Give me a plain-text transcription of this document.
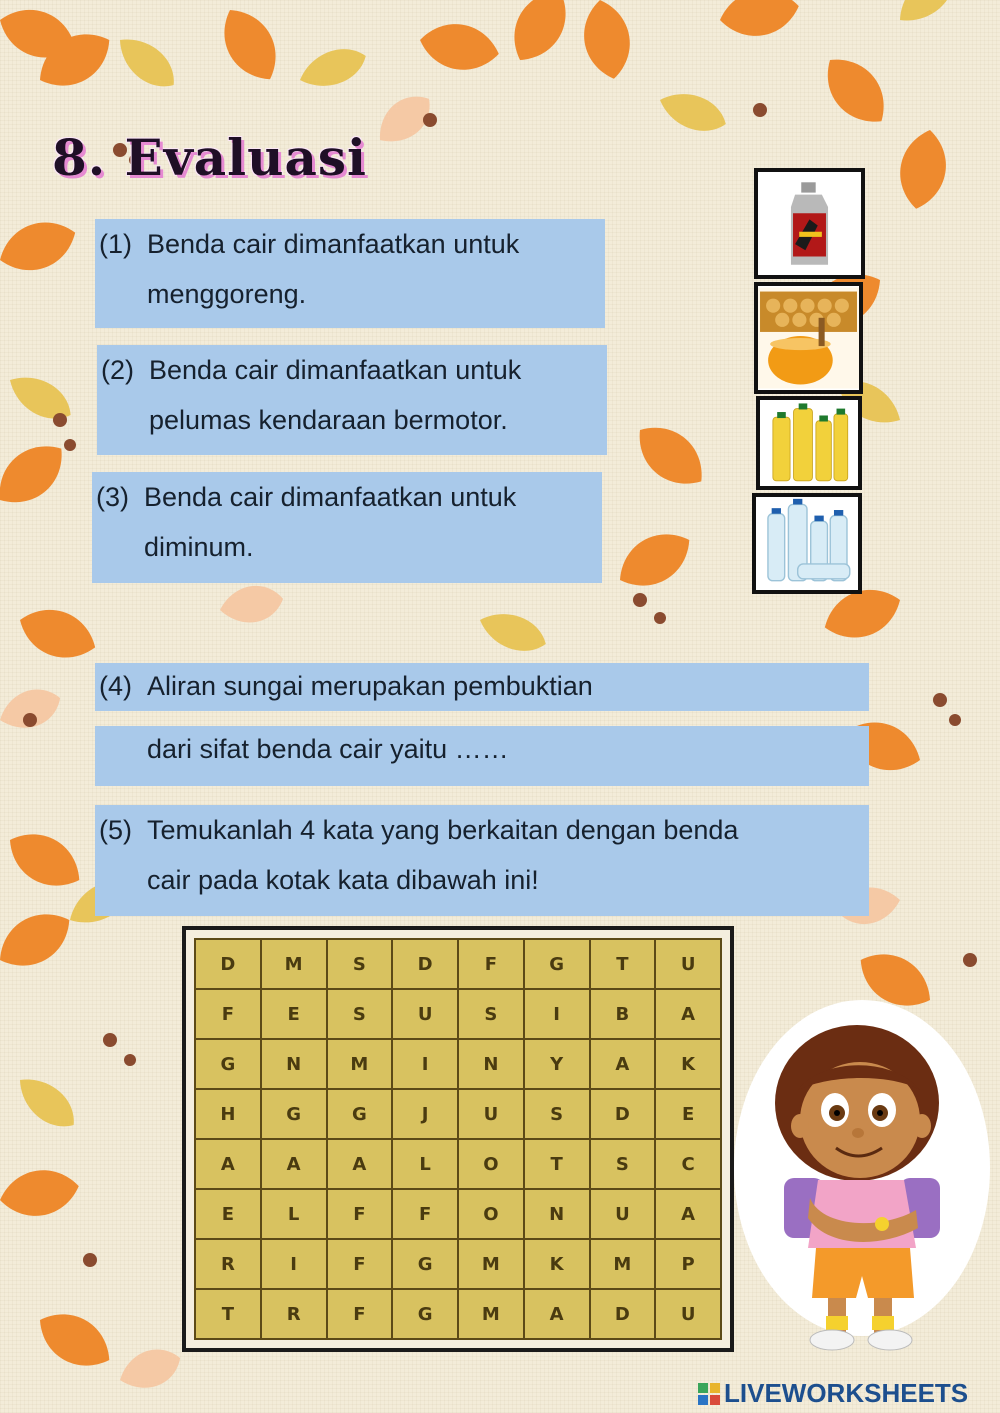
8. Evaluasi
(1) Benda cair dimanfaatkan untuk
menggoreng.
(2) Benda cair dimanfaatkan untuk
pelumas kendaraan bermotor.
(3) Benda cair dimanfaatkan untuk
diminum.
(4) Aliran sungai merupakan pembuktian
dari sifat benda cair yaitu ……
(5) Temukanlah 4 kata yang berkaitan dengan benda
cair pada kotak kata dibawah ini!
D	M	S	D	F	G	T	U
F	E	S	U	S	I	B	A
G	N	M	I	N	Y	A	K
H	G	G	J	U	S	D	E
A	A	A	L	O	T	S	C
E	L	F	F	O	N	U	A
R	I	F	G	M	K	M	P
T	R	F	G	M	A	D	U
LIVEWORKSHEETS
